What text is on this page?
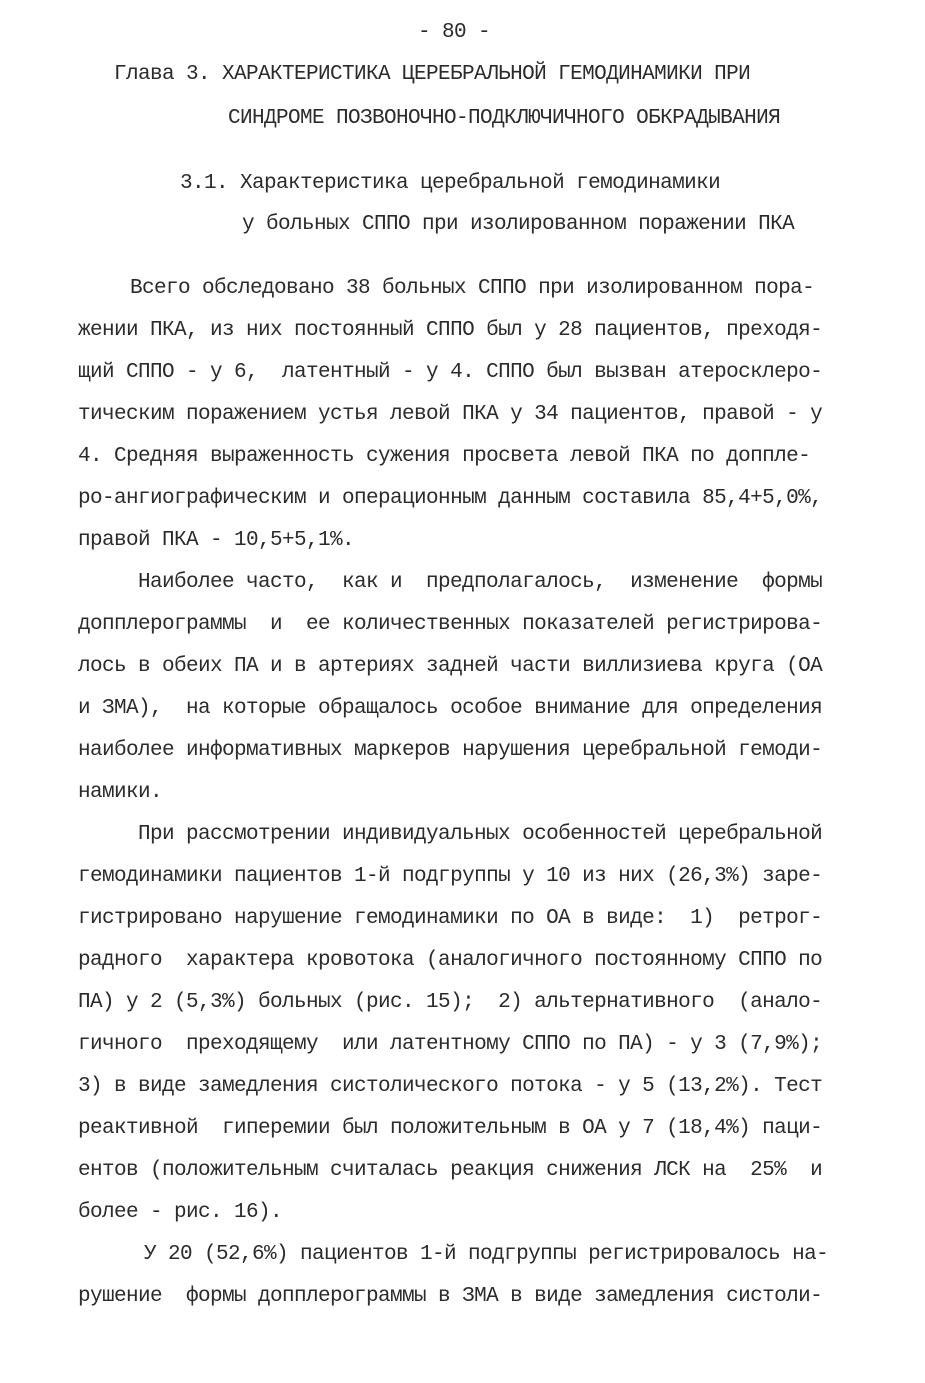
- 80 -
Глава 3. ХАРАКТЕРИСТИКА ЦЕРЕБРАЛЬНОЙ ГЕМОДИНАМИКИ ПРИ
СИНДРОМЕ ПОЗВОНОЧНО-ПОДКЛЮЧИЧНОГО ОБКРАДЫВАНИЯ
3.1. Характеристика церебральной гемодинамики
у больных СППО при изолированном поражении ПКА
Всего обследовано 38 больных СППО при изолированном пора-
жении ПКА, из них постоянный СППО был у 28 пациентов, преходя-
щий СППО - у 6,  латентный - у 4. СППО был вызван атеросклеро-
тическим поражением устья левой ПКА у 34 пациентов, правой - у
4. Средняя выраженность сужения просвета левой ПКА по доппле-
ро-ангиографическим и операционным данным составила 85,4+5,0%,
правой ПКА - 10,5+5,1%.
Наиболее часто,  как и  предполагалось,  изменение  формы
допплерограммы  и  ее количественных показателей регистрирова-
лось в обеих ПА и в артериях задней части виллизиева круга (ОА
и ЗМА),  на которые обращалось особое внимание для определения
наиболее информативных маркеров нарушения церебральной гемоди-
намики.
При рассмотрении индивидуальных особенностей церебральной
гемодинамики пациентов 1-й подгруппы у 10 из них (26,3%) заре-
гистрировано нарушение гемодинамики по ОА в виде:  1)  ретрог-
радного  характера кровотока (аналогичного постоянному СППО по
ПА) у 2 (5,3%) больных (рис. 15);  2) альтернативного  (анало-
гичного  преходящему  или латентному СППО по ПА) - у 3 (7,9%);
3) в виде замедления систолического потока - у 5 (13,2%). Тест
реактивной  гиперемии был положительным в ОА у 7 (18,4%) паци-
ентов (положительным считалась реакция снижения ЛСК на  25%  и
более - рис. 16).
У 20 (52,6%) пациентов 1-й подгруппы регистрировалось на-
рушение  формы допплерограммы в ЗМА в виде замедления систоли-
